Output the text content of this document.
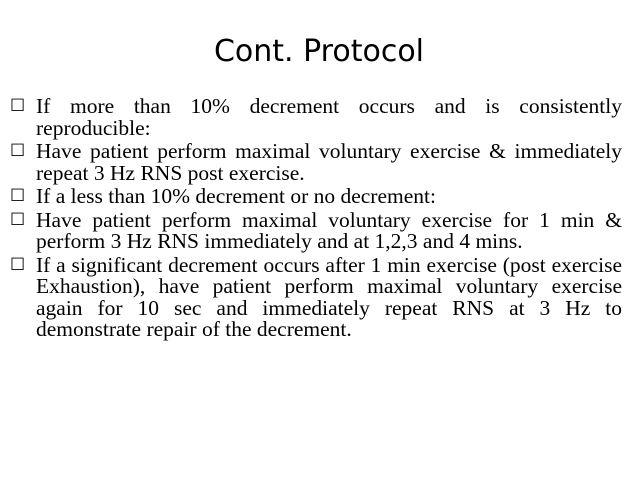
Cont. Protocol
☐ If more than 10% decrement occurs and is consistently reproducible:
☐ Have patient perform maximal voluntary exercise & immediately repeat 3 Hz RNS post exercise.
☐ If a less than 10% decrement or no decrement:
☐ Have patient perform maximal voluntary exercise for 1 min & perform 3 Hz RNS immediately and at 1,2,3 and 4 mins.
☐ If a significant decrement occurs after 1 min exercise (post exercise Exhaustion), have patient perform maximal voluntary exercise again for 10 sec and immediately repeat RNS at 3 Hz to demonstrate repair of the decrement.
